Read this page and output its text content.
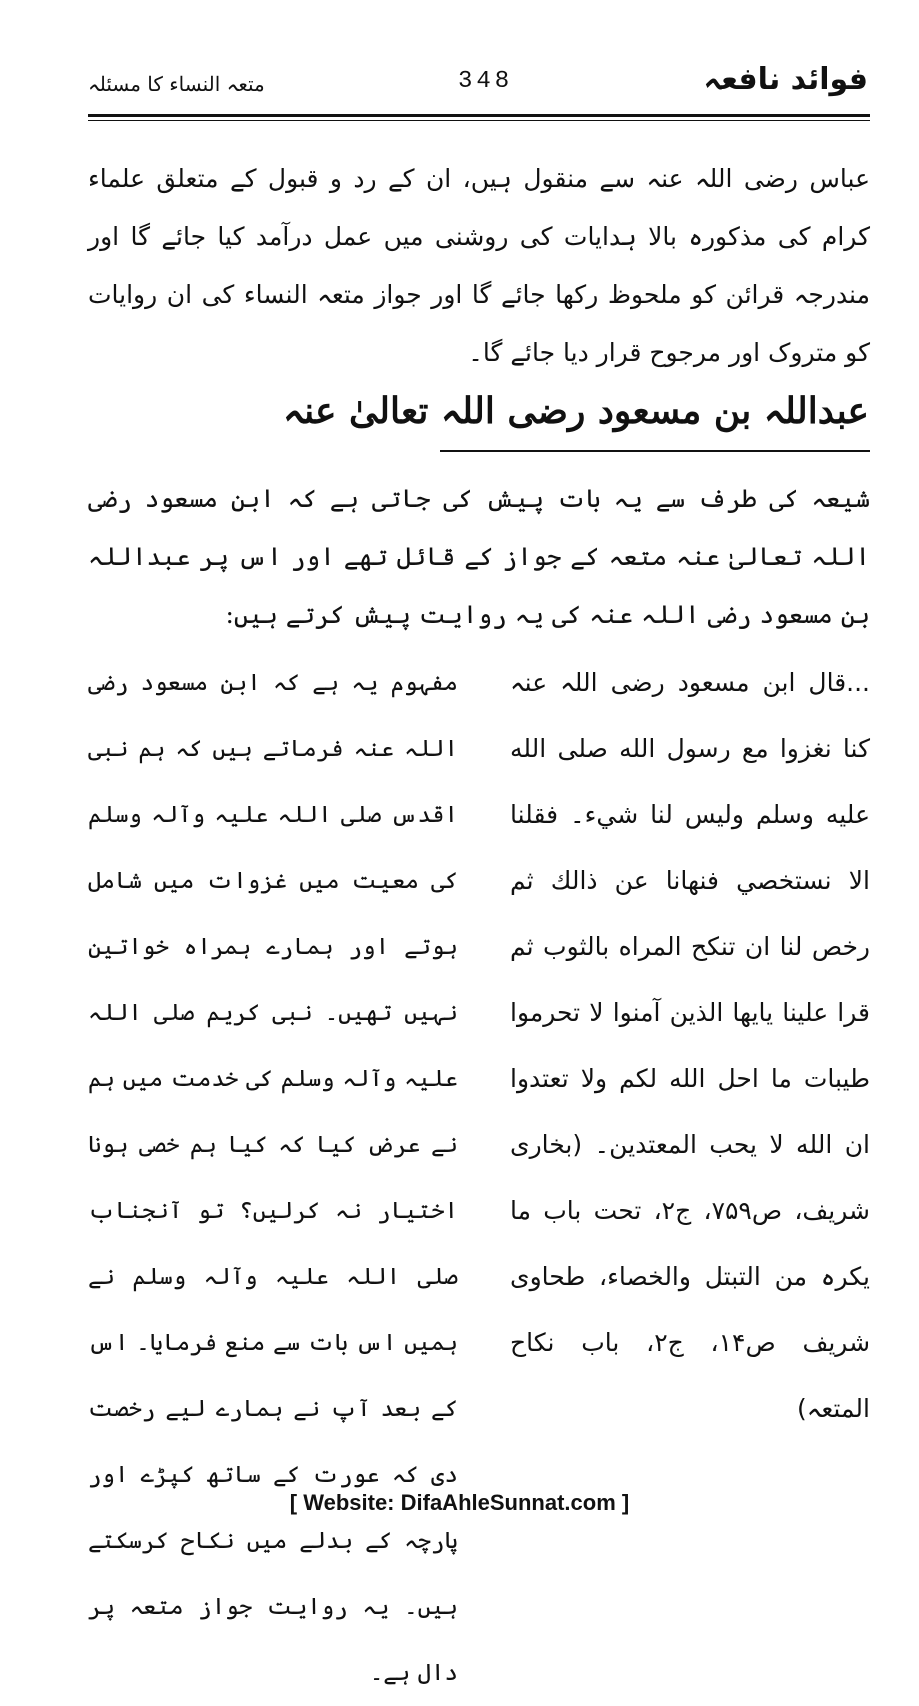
متعہ النساء کا مسئلہ	348	فوائد نافعہ
عباس رضی اللہ عنہ سے منقول ہیں، ان کے رد و قبول کے متعلق علماء کرام کی مذکورہ بالا ہدایات کی روشنی میں عمل درآمد کیا جائے گا اور مندرجہ قرائن کو ملحوظ رکھا جائے گا اور جواز متعہ النساء کی ان روایات کو متروک اور مرجوح قرار دیا جائے گا۔
عبداللہ بن مسعود رضی اللہ تعالیٰ عنہ
شیعہ کی طرف سے یہ بات پیش کی جاتی ہے کہ ابن مسعود رضی اللہ تعالیٰ عنہ متعہ کے جواز کے قائل تھے اور اس پر عبداللہ بن مسعود رضی اللہ عنہ کی یہ روایت پیش کرتے ہیں:
...قال ابن مسعود رضی اللہ عنہ کنا نغزوا مع رسول الله صلى الله عليه وسلم وليس لنا شيء۔ فقلنا الا نستخصي فنهانا عن ذالك ثم رخص لنا ان تنكح المراه بالثوب ثم قرا علينا يايها الذين آمنوا لا تحرموا طيبات ما احل الله لكم ولا تعتدوا ان الله لا يحب المعتدين۔ (بخاری شریف، ص۷۵۹، ج۲، تحت باب ما یکرہ من التبتل والخصاء، طحاوی شریف ص۱۴، ج۲، باب نکاح المتعہ)
مفہوم یہ ہے کہ ابن مسعود رضی اللہ عنہ فرماتے ہیں کہ ہم نبی اقدس صلی اللہ علیہ وآلہ وسلم کی معیت میں غزوات میں شامل ہوتے اور ہمارے ہمراہ خواتین نہیں تھیں۔ نبی کریم صلی اللہ علیہ وآلہ وسلم کی خدمت میں ہم نے عرض کیا کہ کیا ہم خصی ہونا اختیار نہ کرلیں؟ تو آنجناب صلی اللہ علیہ وآلہ وسلم نے ہمیں اس بات سے منع فرمایا۔ اس کے بعد آپ نے ہمارے لیے رخصت دی کہ عورت کے ساتھ کپڑے اور پارچہ کے بدلے میں نکاح کرسکتے ہیں۔ یہ روایت جواز متعہ پر دال ہے۔
[ Website: DifaAhleSunnat.com ]
